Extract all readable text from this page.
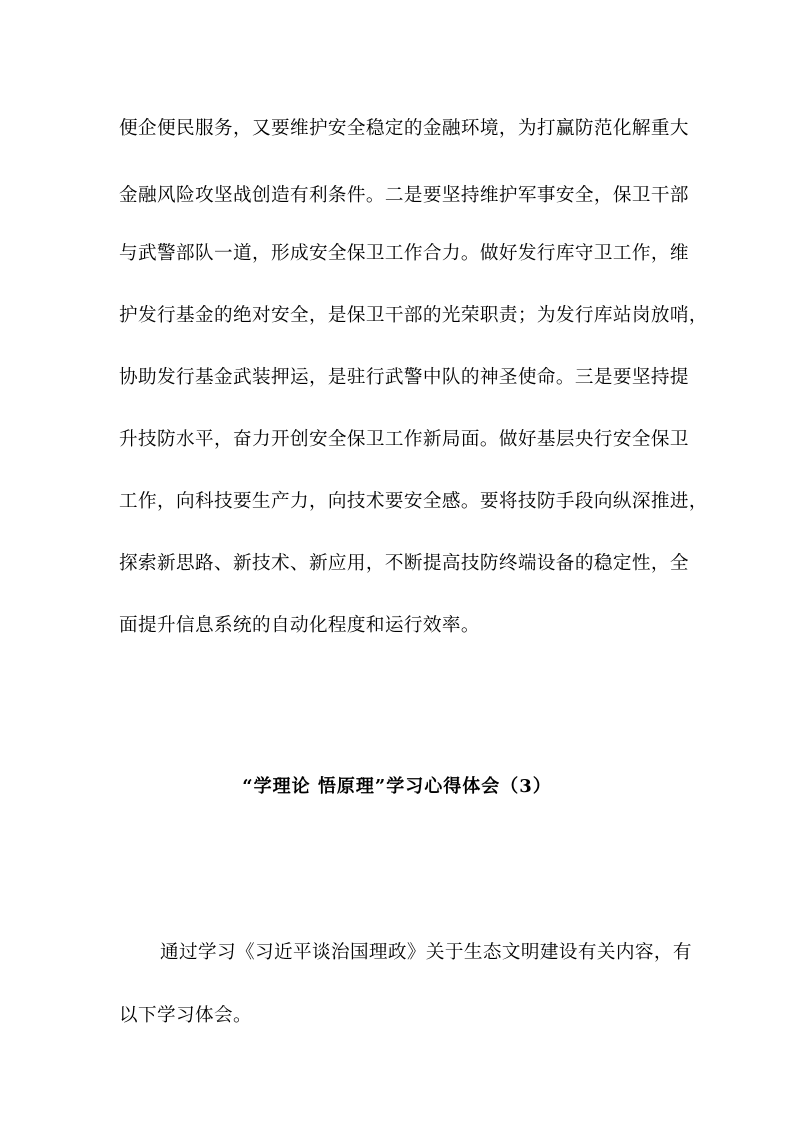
便企便民服务，又要维护安全稳定的金融环境，为打赢防范化解重大
金融风险攻坚战创造有利条件。二是要坚持维护军事安全，保卫干部
与武警部队一道，形成安全保卫工作合力。做好发行库守卫工作，维
护发行基金的绝对安全，是保卫干部的光荣职责；为发行库站岗放哨，
协助发行基金武装押运，是驻行武警中队的神圣使命。三是要坚持提
升技防水平，奋力开创安全保卫工作新局面。做好基层央行安全保卫
工作，向科技要生产力，向技术要安全感。要将技防手段向纵深推进，
探索新思路、新技术、新应用，不断提高技防终端设备的稳定性，全
面提升信息系统的自动化程度和运行效率。
“学理论 悟原理”学习心得体会（3）
通过学习《习近平谈治国理政》关于生态文明建设有关内容，有
以下学习体会。
